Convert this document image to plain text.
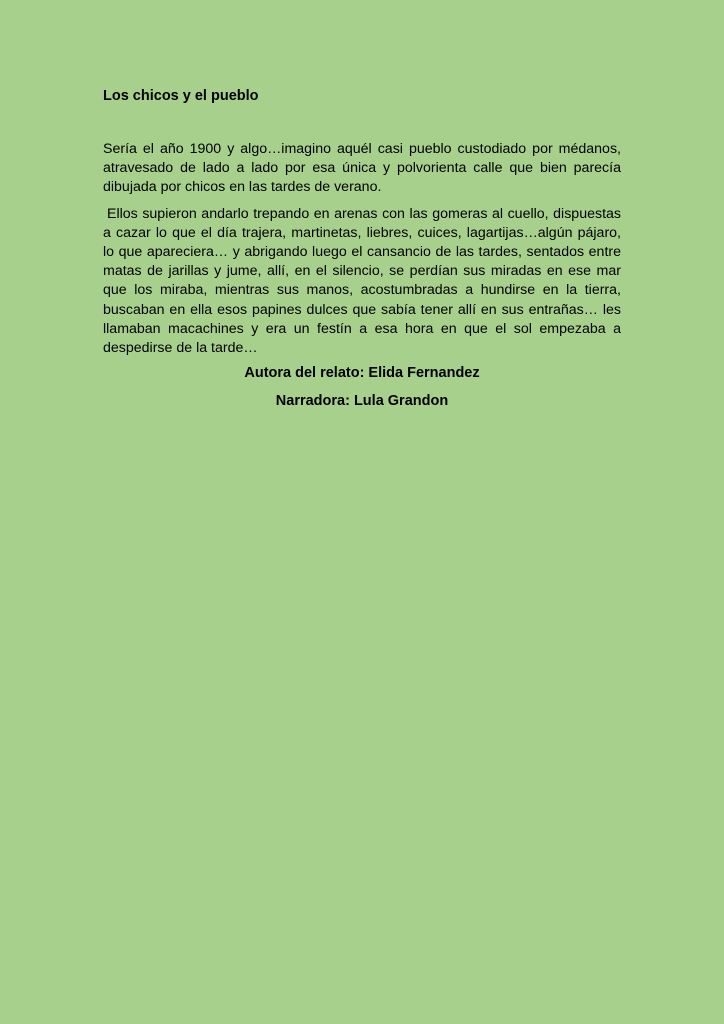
Los chicos y el pueblo

Sería el año 1900 y algo…imagino aquél casi pueblo custodiado por médanos, atravesado de lado a lado por esa única y polvorienta calle que bien parecía dibujada por chicos en las tardes de verano.

Ellos supieron andarlo trepando en arenas con las gomeras al cuello, dispuestas a cazar lo que el día trajera, martinetas, liebres, cuices, lagartijas…algún pájaro, lo que apareciera… y abrigando luego el cansancio de las tardes, sentados entre matas de jarillas y jume, allí, en el silencio, se perdían sus miradas en ese mar que los miraba, mientras sus manos, acostumbradas a hundirse en la tierra, buscaban en ella esos papines dulces que sabía tener allí en sus entrañas… les llamaban macachines y era un festín a esa hora en que el sol empezaba a despedirse de la tarde…

Autora del relato: Elida Fernandez

Narradora: Lula Grandon
